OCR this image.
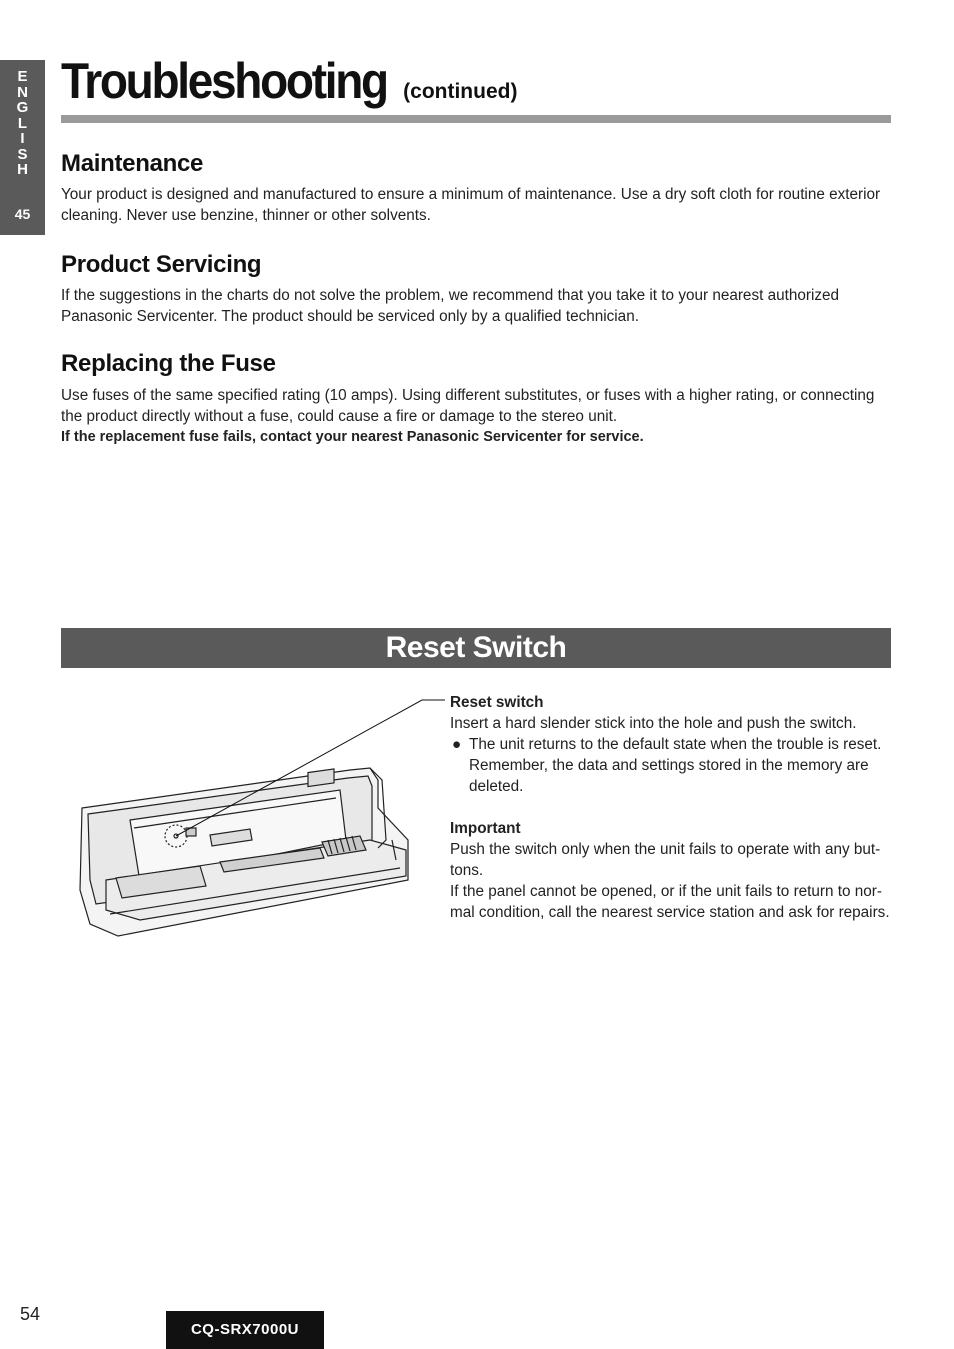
E
N
G
L
I
S
H
45
Troubleshooting (continued)
Maintenance
Your product is designed and manufactured to ensure a minimum of maintenance. Use a dry soft cloth for routine exterior
cleaning. Never use benzine, thinner or other solvents.
Product Servicing
If the suggestions in the charts do not solve the problem, we recommend that you take it to your nearest authorized
Panasonic Servicenter. The product should be serviced only by a qualified technician.
Replacing the Fuse
Use fuses of the same specified rating (10 amps). Using different substitutes, or fuses with a higher rating, or connecting
the product directly without a fuse, could cause a fire or damage to the stereo unit.
If the replacement fuse fails, contact your nearest Panasonic Servicenter for service.
Reset Switch
Reset switch
Insert a hard slender stick into the hole and push the switch.
● The unit returns to the default state when the trouble is reset.
Remember, the data and settings stored in the memory are
deleted.
Important
Push the switch only when the unit fails to operate with any but-
tons.
If the panel cannot be opened, or if the unit fails to return to nor-
mal condition, call the nearest service station and ask for repairs.
54
CQ-SRX7000U
